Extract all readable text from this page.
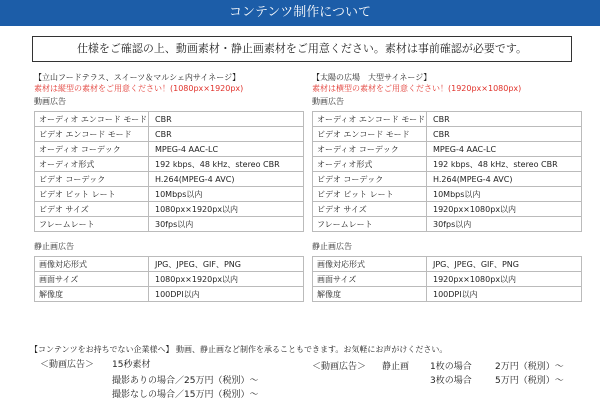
コンテンツ制作について
仕様をご確認の上、動画素材・静止画素材をご用意ください。素材は事前確認が必要です。
【立山フードテラス、スイーツ＆マルシェ内サイネージ】
素材は縦型の素材をご用意ください！(1080px×1920px)
動画広告
オーディオ エンコード モード	CBR
ビデオ エンコード モード	CBR
オーディオ コーデック	MPEG-4 AAC-LC
オーディオ形式	192 kbps、48 kHz、stereo CBR
ビデオ コーデック	H.264(MPEG-4 AVC)
ビデオ ビット レート	10Mbps以内
ビデオ サイズ	1080px×1920px以内
フレームレート	30fps以内
静止画広告
画像対応形式	JPG、JPEG、GIF、PNG
画面サイズ	1080px×1920px以内
解像度	100DPI以内
【太陽の広場　大型サイネージ】
素材は横型の素材をご用意ください！(1920px×1080px)
動画広告
オーディオ エンコード モード	CBR
ビデオ エンコード モード	CBR
オーディオ コーデック	MPEG-4 AAC-LC
オーディオ形式	192 kbps、48 kHz、stereo CBR
ビデオ コーデック	H.264(MPEG-4 AVC)
ビデオ ビット レート	10Mbps以内
ビデオ サイズ	1920px×1080px以内
フレームレート	30fps以内
静止画広告
画像対応形式	JPG、JPEG、GIF、PNG
画面サイズ	1920px×1080px以内
解像度	100DPI以内
【コンテンツをお持ちでない企業様へ】 動画、静止画など制作を承ることもできます。お気軽にお声がけください。
＜動画広告＞ 15秒素材
撮影ありの場合／25万円（税別）～
撮影なしの場合／15万円（税別）～
＜動画広告＞ 静止画 1枚の場合	2万円（税別）～
3枚の場合	5万円（税別）～
